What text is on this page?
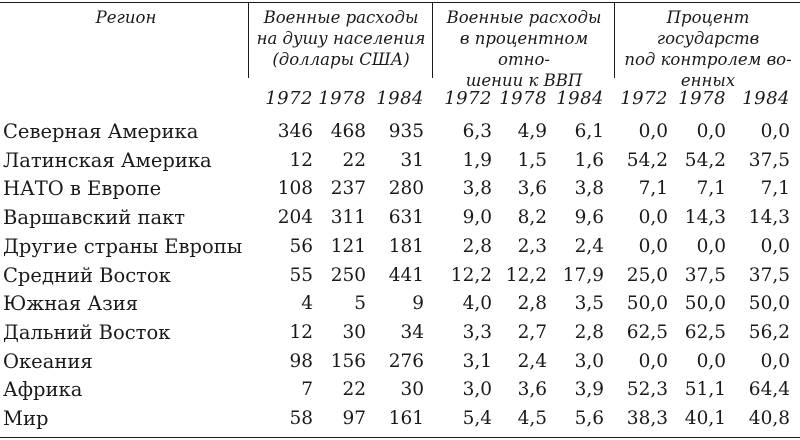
Регион	Военные расходы
на душу населения
(доллары США)
Военные расходы
в процентном отно-
шении к ВВП
Процент государств
под контролем во-
енных
1972 1978 1984 1972 1978 1984 1972 1978 1984
Северная Америка	346 468	935	6,3	4,9	6,1	0,0	0,0	0,0
Латинская Америка	12	22	31	1,9	1,5	1,6	54,2 54,2	37,5
НАТО в Европе	108 237	280	3,8	3,6	3,8	7,1	7,1	7,1
Варшавский пакт	204 311	631	9,0	8,2	9,6	0,0 14,3	14,3
Другие страны Европы	56 121	181	2,8	2,3	2,4	0,0	0,0	0,0
Средний Восток	55 250	441	12,2 12,2 17,9	25,0 37,5	37,5
Южная Азия	4	5	9	4,0	2,8	3,5	50,0 50,0	50,0
Дальний Восток	12	30	34	3,3	2,7	2,8	62,5 62,5	56,2
Океания	98 156	276	3,1	2,4	3,0	0,0	0,0	0,0
Африка	7	22	30	3,0	3,6	3,9	52,3 51,1	64,4
Мир	58	97	161	5,4	4,5	5,6	38,3 40,1	40,8
